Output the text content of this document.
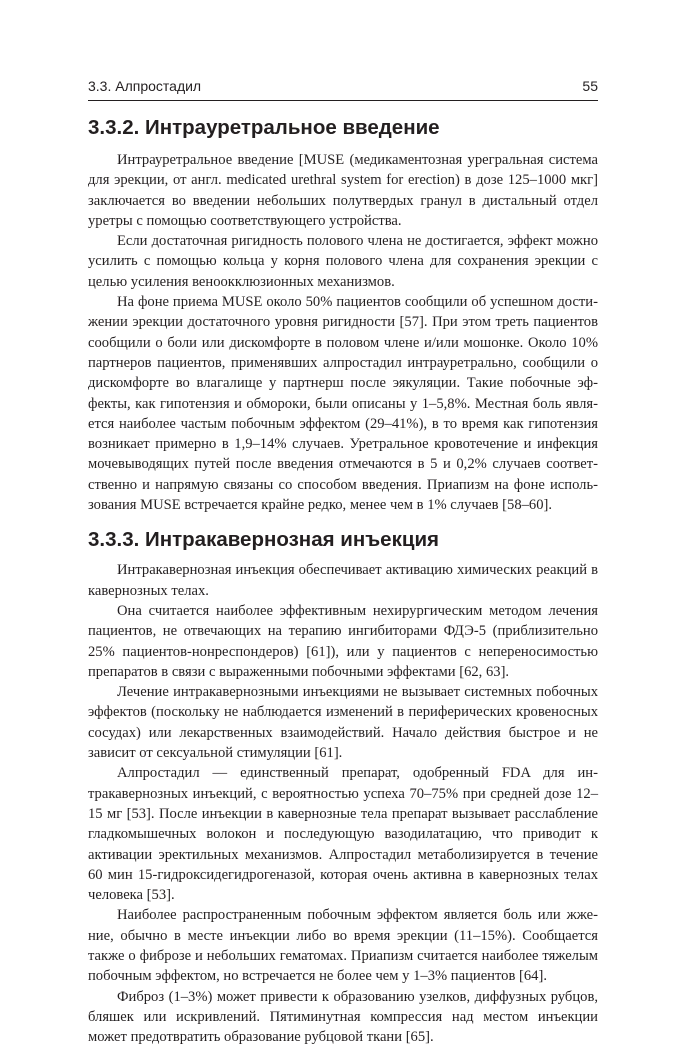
3.3. Алпростадил	55
3.3.2. Интрауретральное введение

Интрауретральное введение [MUSE (медикаментозная урегральная система для эрекции, от англ. medicated urethral system for erection) в дозе 125–1000 мкг] заключается во введении небольших полутвердых гранул в дистальный отдел уретры с помощью соответствующего устройства.

Если достаточная ригидность полового члена не достигается, эффект можно усилить с помощью кольца у корня полового члена для сохранения эрекции с целью усиления веноокклюзионных механизмов.

На фоне приема MUSE около 50% пациентов сообщили об успешном достижении эрекции достаточного уровня ригидности [57]. При этом треть пациентов сообщили о боли или дискомфорте в половом члене и/или мошонке. Около 10% партнеров пациентов, применявших алпростадил интрауретрально, сообщили о дискомфорте во влагалище у партнерш после эякуляции. Такие побочные эффекты, как гипотензия и обмороки, были описаны у 1–5,8%. Местная боль является наиболее частым побочным эффектом (29–41%), в то время как гипотензия возникает примерно в 1,9–14% случаев. Уретральное кровотечение и инфекция мочевыводящих путей после введения отмечаются в 5 и 0,2% случаев соответственно и напрямую связаны со способом введения. Приапизм на фоне использования MUSE встречается крайне редко, менее чем в 1% случаев [58–60].

3.3.3. Интракавернозная инъекция

Интракавернозная инъекция обеспечивает активацию химических реакций в кавернозных телах.

Она считается наиболее эффективным нехирургическим методом лечения пациентов, не отвечающих на терапию ингибиторами ФДЭ-5 (приблизительно 25% пациентов-нонреспондеров) [61]), или у пациентов с непереносимостью препаратов в связи с выраженными побочными эффектами [62, 63].

Лечение интракавернозными инъекциями не вызывает системных побочных эффектов (поскольку не наблюдается изменений в периферических кровеносных сосудах) или лекарственных взаимодействий. Начало действия быстрое и не зависит от сексуальной стимуляции [61].

Алпростадил — единственный препарат, одобренный FDA для интракавернозных инъекций, с вероятностью успеха 70–75% при средней дозе 12–15 мг [53]. После инъекции в кавернозные тела препарат вызывает расслабление гладкомышечных волокон и последующую вазодилатацию, что приводит к активации эректильных механизмов. Алпростадил метаболизируется в течение 60 мин 15-гидроксидегидрогеназой, которая очень активна в кавернозных телах человека [53].

Наиболее распространенным побочным эффектом является боль или жжение, обычно в месте инъекции либо во время эрекции (11–15%). Сообщается также о фиброзе и небольших гематомах. Приапизм считается наиболее тяжелым побочным эффектом, но встречается не более чем у 1–3% пациентов [64].

Фиброз (1–3%) может привести к образованию узелков, диффузных рубцов, бляшек или искривлений. Пятиминутная компрессия над местом инъекции может предотвратить образование рубцовой ткани [65].
